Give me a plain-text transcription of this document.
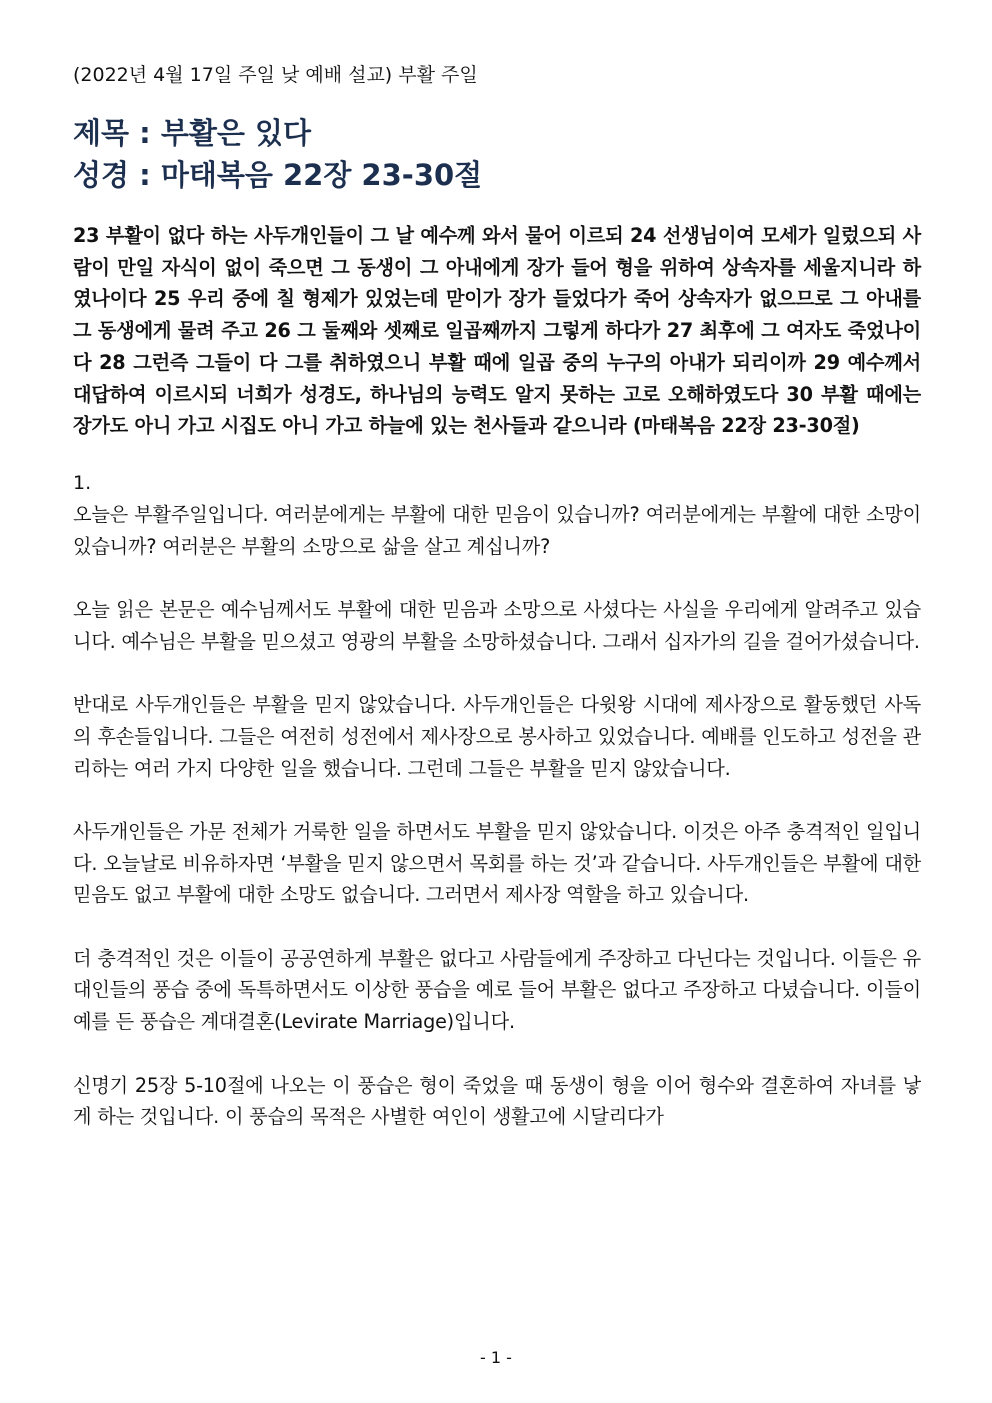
(2022년 4월 17일 주일 낮 예배 설교) 부활 주일

제목 : 부활은 있다
성경 : 마태복음 22장 23-30절

23 부활이 없다 하는 사두개인들이 그 날 예수께 와서 물어 이르되 24 선생님이여 모세가 일렀으되 사람이 만일 자식이 없이 죽으면 그 동생이 그 아내에게 장가 들어 형을 위하여 상속자를 세울지니라 하였나이다 25 우리 중에 칠 형제가 있었는데 맏이가 장가 들었다가 죽어 상속자가 없으므로 그 아내를 그 동생에게 물려 주고 26 그 둘째와 셋째로 일곱째까지 그렇게 하다가 27 최후에 그 여자도 죽었나이다 28 그런즉 그들이 다 그를 취하였으니 부활 때에 일곱 중의 누구의 아내가 되리이까 29 예수께서 대답하여 이르시되 너희가 성경도, 하나님의 능력도 알지 못하는 고로 오해하였도다 30 부활 때에는 장가도 아니 가고 시집도 아니 가고 하늘에 있는 천사들과 같으니라 (마태복음 22장 23-30절)

1.

오늘은 부활주일입니다. 여러분에게는 부활에 대한 믿음이 있습니까? 여러분에게는 부활에 대한 소망이 있습니까? 여러분은 부활의 소망으로 삶을 살고 계십니까?

오늘 읽은 본문은 예수님께서도 부활에 대한 믿음과 소망으로 사셨다는 사실을 우리에게 알려주고 있습니다. 예수님은 부활을 믿으셨고 영광의 부활을 소망하셨습니다. 그래서 십자가의 길을 걸어가셨습니다.

반대로 사두개인들은 부활을 믿지 않았습니다. 사두개인들은 다윗왕 시대에 제사장으로 활동했던 사독의 후손들입니다. 그들은 여전히 성전에서 제사장으로 봉사하고 있었습니다. 예배를 인도하고 성전을 관리하는 여러 가지 다양한 일을 했습니다. 그런데 그들은 부활을 믿지 않았습니다.

사두개인들은 가문 전체가 거룩한 일을 하면서도 부활을 믿지 않았습니다. 이것은 아주 충격적인 일입니다. 오늘날로 비유하자면 ‘부활을 믿지 않으면서 목회를 하는 것’과 같습니다. 사두개인들은 부활에 대한 믿음도 없고 부활에 대한 소망도 없습니다. 그러면서 제사장 역할을 하고 있습니다.

더 충격적인 것은 이들이 공공연하게 부활은 없다고 사람들에게 주장하고 다닌다는 것입니다. 이들은 유대인들의 풍습 중에 독특하면서도 이상한 풍습을 예로 들어 부활은 없다고 주장하고 다녔습니다. 이들이 예를 든 풍습은 계대결혼(Levirate Marriage)입니다.

신명기 25장 5-10절에 나오는 이 풍습은 형이 죽었을 때 동생이 형을 이어 형수와 결혼하여 자녀를 낳게 하는 것입니다. 이 풍습의 목적은 사별한 여인이 생활고에 시달리다가

- 1 -
